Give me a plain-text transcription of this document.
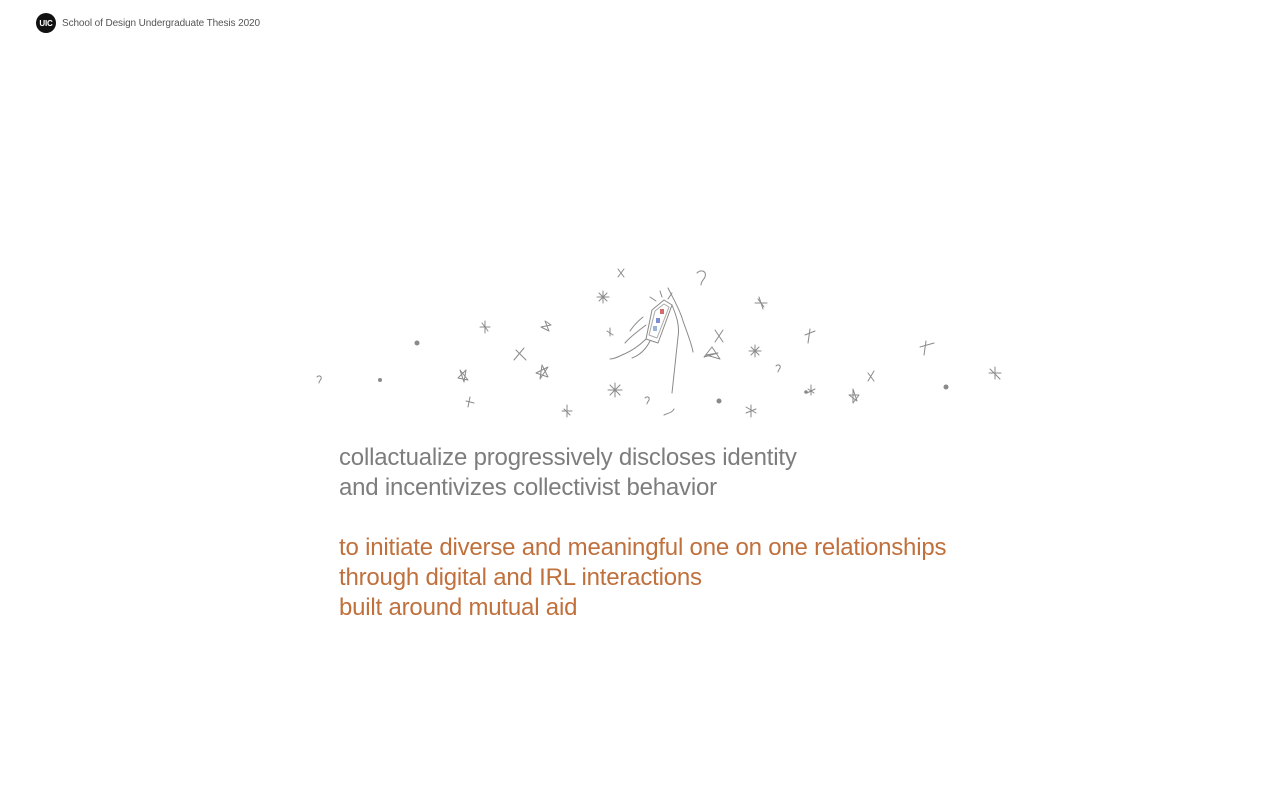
UIC School of Design Undergraduate Thesis 2020
collactualize progressively discloses identity
and incentivizes collectivist behavior
to initiate diverse and meaningful one on one relationships
through digital and IRL interactions
built around mutual aid
